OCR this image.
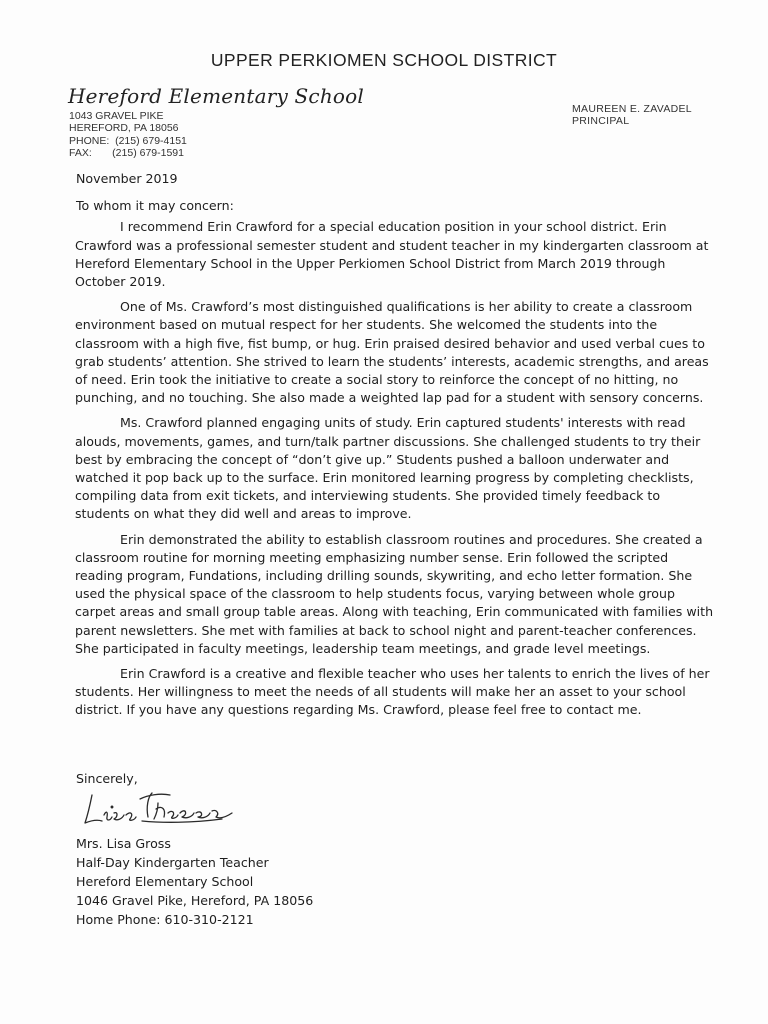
UPPER PERKIOMEN SCHOOL DISTRICT
Hereford Elementary School
1043 GRAVEL PIKE
HEREFORD, PA 18056
PHONE:  (215) 679-4151
FAX:       (215) 679-1591
MAUREEN E. ZAVADEL
PRINCIPAL
November 2019
To whom it may concern:

I recommend Erin Crawford for a special education position in your school district. Erin Crawford was a professional semester student and student teacher in my kindergarten classroom at Hereford Elementary School in the Upper Perkiomen School District from March 2019 through October 2019.

One of Ms. Crawford’s most distinguished qualifications is her ability to create a classroom environment based on mutual respect for her students. She welcomed the students into the classroom with a high five, fist bump, or hug. Erin praised desired behavior and used verbal cues to grab students’ attention. She strived to learn the students’ interests, academic strengths, and areas of need. Erin took the initiative to create a social story to reinforce the concept of no hitting, no punching, and no touching. She also made a weighted lap pad for a student with sensory concerns.

Ms. Crawford planned engaging units of study. Erin captured students' interests with read alouds, movements, games, and turn/talk partner discussions. She challenged students to try their best by embracing the concept of “don’t give up.” Students pushed a balloon underwater and watched it pop back up to the surface. Erin monitored learning progress by completing checklists, compiling data from exit tickets, and interviewing students. She provided timely feedback to students on what they did well and areas to improve.

Erin demonstrated the ability to establish classroom routines and procedures. She created a classroom routine for morning meeting emphasizing number sense. Erin followed the scripted reading program, Fundations, including drilling sounds, skywriting, and echo letter formation. She used the physical space of the classroom to help students focus, varying between whole group carpet areas and small group table areas. Along with teaching, Erin communicated with families with parent newsletters. She met with families at back to school night and parent-teacher conferences. She participated in faculty meetings, leadership team meetings, and grade level meetings.

Erin Crawford is a creative and flexible teacher who uses her talents to enrich the lives of her students. Her willingness to meet the needs of all students will make her an asset to your school district. If you have any questions regarding Ms. Crawford, please feel free to contact me.

Sincerely,
Mrs. Lisa Gross
Half-Day Kindergarten Teacher
Hereford Elementary School
1046 Gravel Pike, Hereford, PA 18056
Home Phone: 610-310-2121
